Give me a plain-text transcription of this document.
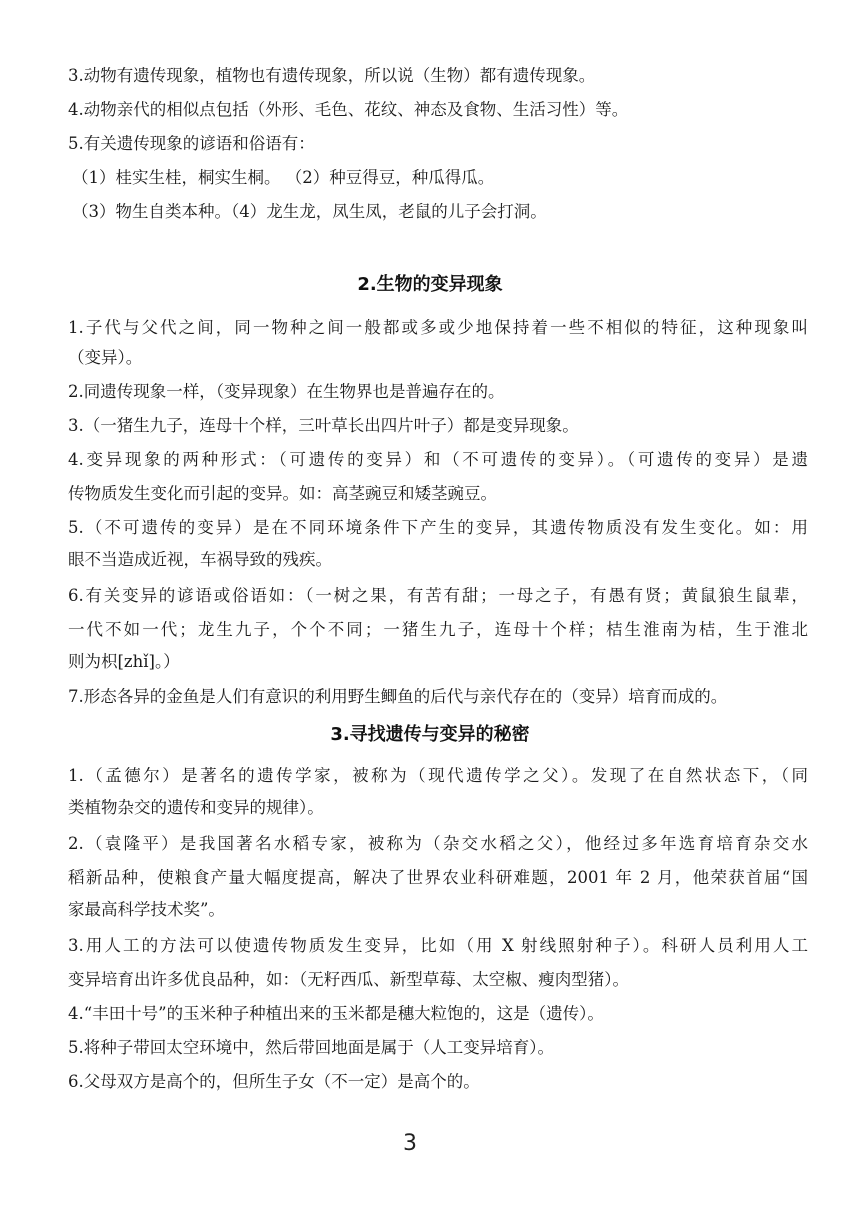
3.动物有遗传现象，植物也有遗传现象，所以说（生物）都有遗传现象。
4.动物亲代的相似点包括（外形、毛色、花纹、神态及食物、生活习性）等。
5.有关遗传现象的谚语和俗语有：
（1）桂实生桂，桐实生桐。 （2）种豆得豆，种瓜得瓜。
（3）物生自类本种。（4）龙生龙，凤生凤，老鼠的儿子会打洞。
2.生物的变异现象
1.子代与父代之间，同一物种之间一般都或多或少地保持着一些不相似的特征，这种现象叫
（变异）。
2.同遗传现象一样，（变异现象）在生物界也是普遍存在的。
3.（一猪生九子，连母十个样，三叶草长出四片叶子）都是变异现象。
4.变异现象的两种形式：（可遗传的变异）和（不可遗传的变异）。（可遗传的变异）是遗
传物质发生变化而引起的变异。如：高茎豌豆和矮茎豌豆。
5.（不可遗传的变异）是在不同环境条件下产生的变异，其遗传物质没有发生变化。如：用
眼不当造成近视，车祸导致的残疾。
6.有关变异的谚语或俗语如：（一树之果，有苦有甜；一母之子，有愚有贤；黄鼠狼生鼠辈，
一代不如一代；龙生九子，个个不同；一猪生九子，连母十个样；桔生淮南为桔，生于淮北
则为枳[zhǐ]。）
7.形态各异的金鱼是人们有意识的利用野生鲫鱼的后代与亲代存在的（变异）培育而成的。
3.寻找遗传与变异的秘密
1.（孟德尔）是著名的遗传学家，被称为（现代遗传学之父）。发现了在自然状态下，（同
类植物杂交的遗传和变异的规律）。
2.（袁隆平）是我国著名水稻专家，被称为（杂交水稻之父），他经过多年选育培育杂交水
稻新品种，使粮食产量大幅度提高，解决了世界农业科研难题，2001 年 2 月，他荣获首届“国
家最高科学技术奖”。
3.用人工的方法可以使遗传物质发生变异，比如（用 X 射线照射种子）。科研人员利用人工
变异培育出许多优良品种，如：（无籽西瓜、新型草莓、太空椒、瘦肉型猪）。
4.“丰田十号”的玉米种子种植出来的玉米都是穗大粒饱的，这是（遗传）。
5.将种子带回太空环境中，然后带回地面是属于（人工变异培育）。
6.父母双方是高个的，但所生子女（不一定）是高个的。
3
